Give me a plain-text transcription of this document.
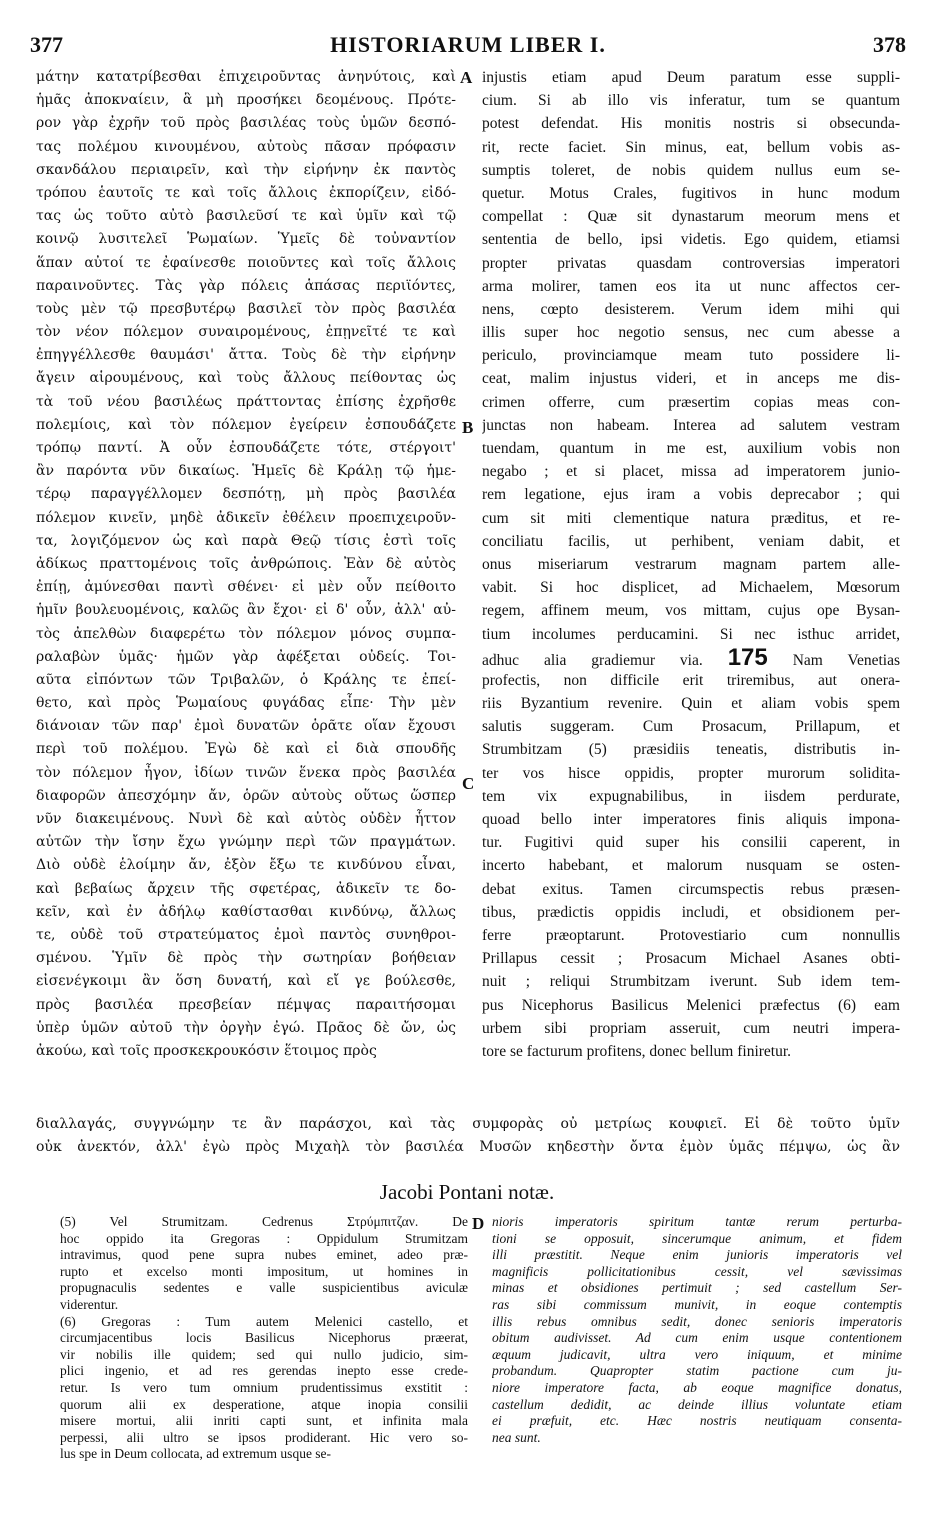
377	HISTORIARUM LIBER I.	378
μάτην κατατρίβεσθαι ἐπιχειροῦντας ἀνηνύτοις, καὶ
ἡμᾶς ἀποκναίειν, ἃ μὴ προσήκει δεομένους. Πρότε-
ρον γὰρ ἐχρῆν τοῦ πρὸς βασιλέας τοὺς ὑμῶν δεσπό-
τας πολέμου κινουμένου, αὐτοὺς πᾶσαν πρόφασιν
σκανδάλου περιαιρεῖν, καὶ τὴν εἰρήνην ἐκ παντὸς
τρόπου ἑαυτοῖς τε καὶ τοῖς ἄλλοις ἐκπορίζειν, εἰδό-
τας ὡς τοῦτο αὐτὸ βασιλεῦσί τε καὶ ὑμῖν καὶ τῷ
κοινῷ λυσιτελεῖ Ῥωμαίων. Ὑμεῖς δὲ τοὐναντίον
ἅπαν αὐτοί τε ἐφαίνεσθε ποιοῦντες καὶ τοῖς ἄλλοις
παραινοῦντες. Τὰς γὰρ πόλεις ἁπάσας περιϊόντες,
τοὺς μὲν τῷ πρεσβυτέρῳ βασιλεῖ τὸν πρὸς βασιλέα
τὸν νέον πόλεμον συναιρομένους, ἐπῃνεῖτέ τε καὶ
ἐπηγγέλλεσθε θαυμάσι' ἄττα. Τοὺς δὲ τὴν εἰρήνην
ἄγειν αἱρουμένους, καὶ τοὺς ἄλλους πείθοντας ὡς
τὰ τοῦ νέου βασιλέως πράττοντας ἐπίσης ἐχρῆσθε
πολεμίοις, καὶ τὸν πόλεμον ἐγείρειν ἐσπουδάζετε
τρόπῳ παντί. Ἀ οὖν ἐσπουδάζετε τότε, στέργοιτ'
ἂν παρόντα νῦν δικαίως. Ἡμεῖς δὲ Κράλῃ τῷ ἡμε-
τέρῳ παραγγέλλομεν δεσπότῃ, μὴ πρὸς βασιλέα
πόλεμον κινεῖν, μηδὲ ἀδικεῖν ἐθέλειν προεπιχειροῦν-
τα, λογιζόμενον ὡς καὶ παρὰ Θεῷ τίσις ἐστὶ τοῖς
ἀδίκως πραττομένοις τοῖς ἀνθρώποις. Ἐὰν δὲ αὐτὸς
ἐπίῃ, ἀμύνεσθαι παντὶ σθένει· εἰ μὲν οὖν πείθοιτο
ἡμῖν βουλευομένοις, καλῶς ἂν ἔχοι· εἰ δ' οὖν, ἀλλ' αὐ-
τὸς ἀπελθὼν διαφερέτω τὸν πόλεμον μόνος συμπα-
ραλαβὼν ὑμᾶς· ἡμῶν γὰρ ἀφέξεται οὐδείς. Τοι-
αῦτα εἰπόντων τῶν Τριβαλῶν, ὁ Κράλης τε ἐπεί-
θετο, καὶ πρὸς Ῥωμαίους φυγάδας εἶπε· Τὴν μὲν
διάνοιαν τῶν παρ' ἐμοὶ δυνατῶν ὁρᾶτε οἵαν ἔχουσι
περὶ τοῦ πολέμου. Ἐγὼ δὲ καὶ εἰ διὰ σπουδῆς
τὸν πόλεμον ἦγον, ἰδίων τινῶν ἕνεκα πρὸς βασιλέα
διαφορῶν ἀπεσχόμην ἄν, ὁρῶν αὐτοὺς οὕτως ὥσπερ
νῦν διακειμένους. Νυνὶ δὲ καὶ αὐτὸς οὐδὲν ἧττον
αὐτῶν τὴν ἴσην ἔχω γνώμην περὶ τῶν πραγμάτων.
Διὸ οὐδὲ ἑλοίμην ἄν, ἐξὸν ἔξω τε κινδύνου εἶναι,
καὶ βεβαίως ἄρχειν τῆς σφετέρας, ἀδικεῖν τε δο-
κεῖν, καὶ ἐν ἀδήλῳ καθίστασθαι κινδύνῳ, ἄλλως
τε, οὐδὲ τοῦ στρατεύματος ἐμοὶ παντὸς συνηθροι-
σμένου. Ὑμῖν δὲ πρὸς τὴν σωτηρίαν βοήθειαν
εἰσενέγκοιμι ἂν ὅση δυνατή, καὶ εἴ γε βούλεσθε,
πρὸς βασιλέα πρεσβείαν πέμψας παραιτήσομαι
ὑπὲρ ὑμῶν αὐτοῦ τὴν ὀργὴν ἐγώ. Πρᾶος δὲ ὤν, ὡς
ἀκούω, καὶ τοῖς προσκεκρουκόσιν ἕτοιμος πρὸς
injustis etiam apud Deum paratum esse suppli-
cium. Si ab illo vis inferatur, tum se quantum
potest defendat. His monitis nostris si obsecunda-
rit, recte faciet. Sin minus, eat, bellum vobis as-
sumptis toleret, de nobis quidem nullus eum se-
quetur. Motus Crales, fugitivos in hunc modum
compellat : Quæ sit dynastarum meorum mens et
sententia de bello, ipsi videtis. Ego quidem, etiamsi
propter privatas quasdam controversias imperatori
arma molirer, tamen eos ita ut nunc affectos cer-
nens, cœpto desisterem. Verum idem mihi qui
illis super hoc negotio sensus, nec cum abesse a
periculo, provinciamque meam tuto possidere li-
ceat, malim injustus videri, et in anceps me dis-
crimen offerre, cum præsertim copias meas con-
junctas non habeam. Interea ad salutem vestram
tuendam, quantum in me est, auxilium vobis non
negabo ; et si placet, missa ad imperatorem junio-
rem legatione, ejus iram a vobis deprecabor ; qui
cum sit miti clementique natura præditus, et re-
conciliatu facilis, ut perhibent, veniam dabit, et
onus miseriarum vestrarum magnam partem alle-
vabit. Si hoc displicet, ad Michaelem, Mœsorum
regem, affinem meum, vos mittam, cujus ope Bysan-
tium incolumes perducamini. Si nec isthuc arridet,
adhuc alia gradiemur via. 175 Nam Venetias
profectis, non difficile erit triremibus, aut onera-
riis Byzantium revenire. Quin et aliam vobis spem
salutis suggeram. Cum Prosacum, Prillapum, et
Strumbitzam (5) præsidiis teneatis, distributis in-
ter vos hisce oppidis, propter murorum solidita-
tem vix expugnabilibus, in iisdem perdurate,
quoad bello inter imperatores finis aliquis impona-
tur. Fugitivi quid super his consilii caperent, in
incerto habebant, et malorum nusquam se osten-
debat exitus. Tamen circumspectis rebus præsen-
tibus, prædictis oppidis includi, et obsidionem per-
ferre præoptarunt. Protovestiario cum nonnullis
Prillapus cessit ; Prosacum Michael Asanes obti-
nuit ; reliqui Strumbitzam iverunt. Sub idem tem-
pus Nicephorus Basilicus Melenici præfectus (6) eam
urbem sibi propriam asseruit, cum neutri impera-
tore se facturum profitens, donec bellum finiretur.
A
B
C
D
διαλλαγάς, συγγνώμην τε ἂν παράσχοι, καὶ τὰς συμφορὰς οὐ μετρίως κουφιεῖ. Εἰ δὲ τοῦτο ὑμῖν
οὐκ ἀνεκτόν, ἀλλ' ἐγὼ πρὸς Μιχαὴλ τὸν βασιλέα Μυσῶν κηδεστὴν ὄντα ἐμὸν ὑμᾶς πέμψω, ὡς ἂν
Jacobi Pontani notæ.
(5) Vel Strumitzam. Cedrenus Στρύμπιτζαν. De
hoc oppido ita Gregoras : Oppidulum Strumitzam
intravimus, quod pene supra nubes eminet, adeo præ-
rupto et excelso monti impositum, ut homines in
propugnaculis sedentes e valle suspicientibus aviculæ
viderentur.
(6) Gregoras : Tum autem Melenici castello, et
circumjacentibus locis Basilicus Nicephorus præerat,
vir nobilis ille quidem; sed qui nullo judicio, sim-
plici ingenio, et ad res gerendas inepto esse crede-
retur. Is vero tum omnium prudentissimus exstitit :
quorum alii ex desperatione, atque inopia consilii
misere mortui, alii inriti capti sunt, et infinita mala
perpessi, alii ultro se ipsos prodiderant. Hic vero so-
lus spe in Deum collocata, ad extremum usque se-
nioris imperatoris spiritum tantæ rerum perturba-
tioni se opposuit, sincerumque animum, et fidem
illi præstitit. Neque enim junioris imperatoris vel
magnificis pollicitationibus cessit, vel sævissimas
minas et obsidiones pertimuit ; sed castellum Ser-
ras sibi commissum munivit, in eoque contemptis
illis rebus omnibus sedit, donec senioris imperatoris
obitum audivisset. Ad cum enim usque contentionem
æquum judicavit, ultra vero iniquum, et minime
probandum. Quapropter statim pactione cum ju-
niore imperatore facta, ab eoque magnifice donatus,
castellum dedidit, ac deinde illius voluntate etiam
ei præfuit, etc. Hæc nostris neutiquam consenta-
nea sunt.
